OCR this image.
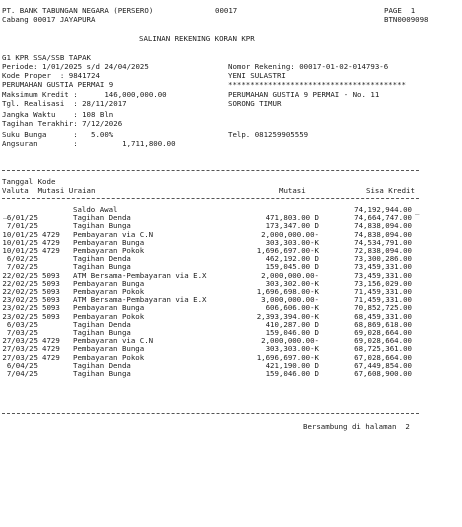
PT. BANK TABUNGAN NEGARA (PERSERO)	00017	PAGE  1
Cabang 00017 JAYAPURA	BTN0009098
SALINAN REKENING KORAN KPR
G1 KPR SSA/SSB TAPAK
Periode: 1/01/2025 s/d 24/04/2025	Nomor Rekening: 00017-01-02-014793-6
Kode Proper  : 9841724	YENI SULASTRI
PERUMAHAN GUSTIA PERMAI 9	****************************************
Maksimum Kredit :      146,000,000.00	PERUMAHAN GUSTIA 9 PERMAI - No. 11
Tgl. Realisasi  : 28/11/2017	SORONG TIMUR
Jangka Waktu    : 108 Bln
Tagihan Terakhir: 7/12/2026
Suku Bunga      :   5.00%	Telp. 081259905559
Angsuran        :          1,711,800.00
Tanggal Kode
Valuta  Mutasi Uraian	Mutasi	Sisa Kredit
Saldo Awal	74,192,944.00
6/01/25	Tagihan Denda	471,803.00 D	74,664,747.00
7/01/25	Tagihan Bunga	173,347.00 D	74,838,094.00
10/01/25 4729 Pembayaran via C.N	2,000,000.00-	74,838,094.00
10/01/25 4729 Pembayaran Bunga	303,303.00-K	74,534,791.00
10/01/25 4729 Pembayaran Pokok	1,696,697.00-K	72,838,094.00
6/02/25	Tagihan Denda	462,192.00 D	73,300,286.00
7/02/25	Tagihan Bunga	159,045.00 D	73,459,331.00
22/02/25 5093 ATM Bersama-Pembayaran via E.X	2,000,000.00-	73,459,331.00
22/02/25 5093 Pembayaran Bunga	303,302.00-K	73,156,029.00
22/02/25 5093 Pembayaran Pokok	1,696,698.00-K	71,459,331.00
23/02/25 5093 ATM Bersama-Pembayaran via E.X	3,000,000.00-	71,459,331.00
23/02/25 5093 Pembayaran Bunga	606,606.00-K	70,852,725.00
23/02/25 5093 Pembayaran Pokok	2,393,394.00-K	68,459,331.00
6/03/25	Tagihan Denda	410,287.00 D	68,869,618.00
7/03/25	Tagihan Bunga	159,046.00 D	69,028,664.00
27/03/25 4729 Pembayaran via C.N	2,000,000.00-	69,028,664.00
27/03/25 4729 Pembayaran Bunga	303,303.00-K	68,725,361.00
27/03/25 4729 Pembayaran Pokok	1,696,697.00-K	67,028,664.00
6/04/25	Tagihan Denda	421,190.00 D	67,449,854.00
7/04/25	Tagihan Bunga	159,046.00 D	67,608,900.00
_
_
Bersambung di halaman  2
